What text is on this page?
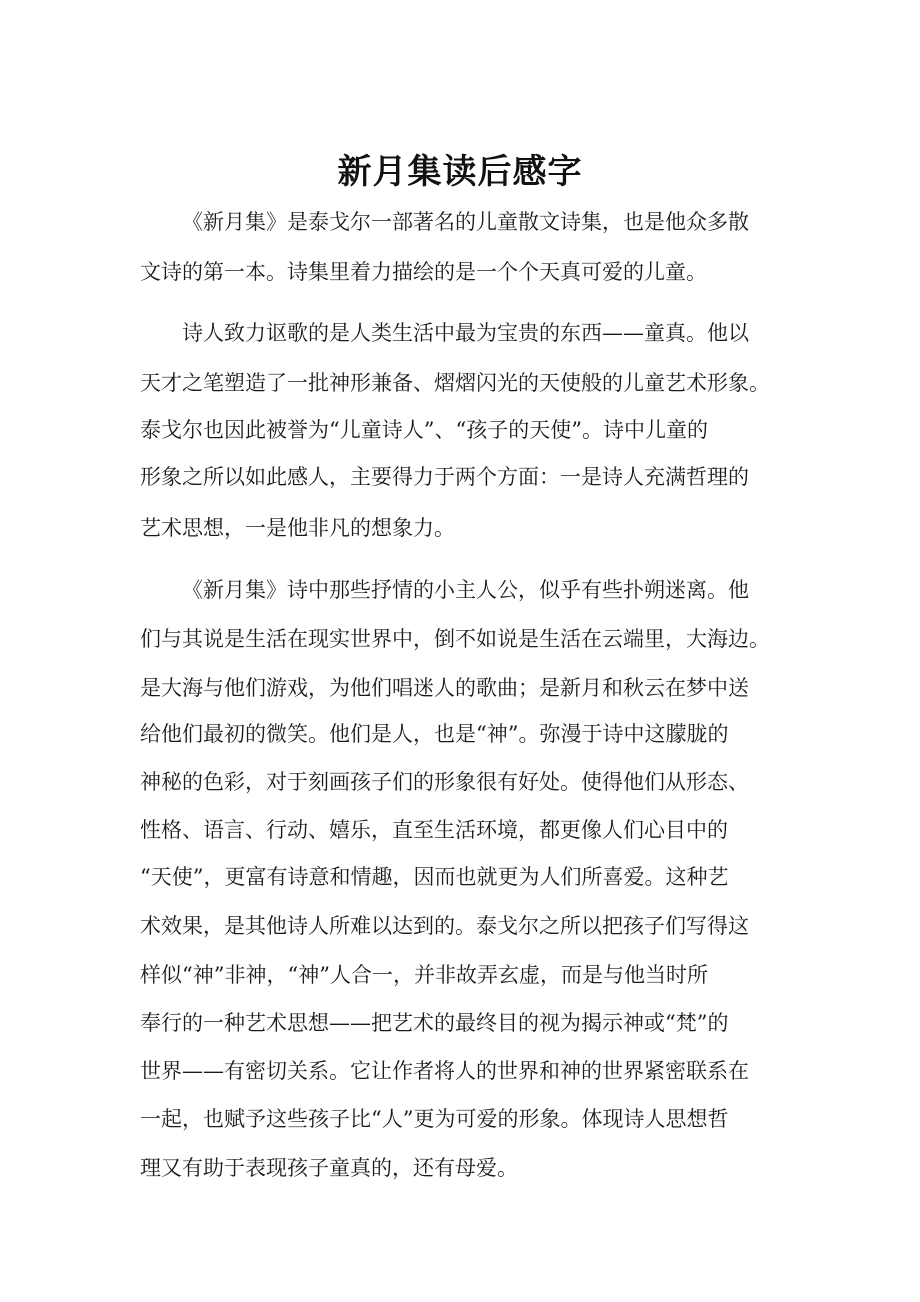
新月集读后感字
《新月集》是泰戈尔一部著名的儿童散文诗集，也是他众多散
文诗的第一本。诗集里着力描绘的是一个个天真可爱的儿童。
诗人致力讴歌的是人类生活中最为宝贵的东西——童真。他以
天才之笔塑造了一批神形兼备、熠熠闪光的天使般的儿童艺术形象。
泰戈尔也因此被誉为“儿童诗人”、“孩子的天使”。诗中儿童的
形象之所以如此感人，主要得力于两个方面：一是诗人充满哲理的
艺术思想，一是他非凡的想象力。
《新月集》诗中那些抒情的小主人公，似乎有些扑朔迷离。他
们与其说是生活在现实世界中，倒不如说是生活在云端里，大海边。
是大海与他们游戏，为他们唱迷人的歌曲；是新月和秋云在梦中送
给他们最初的微笑。他们是人，也是“神”。弥漫于诗中这朦胧的
神秘的色彩，对于刻画孩子们的形象很有好处。使得他们从形态、
性格、语言、行动、嬉乐，直至生活环境，都更像人们心目中的
“天使”，更富有诗意和情趣，因而也就更为人们所喜爱。这种艺
术效果，是其他诗人所难以达到的。泰戈尔之所以把孩子们写得这
样似“神”非神，“神”人合一，并非故弄玄虚，而是与他当时所
奉行的一种艺术思想——把艺术的最终目的视为揭示神或“梵”的
世界——有密切关系。它让作者将人的世界和神的世界紧密联系在
一起，也赋予这些孩子比“人”更为可爱的形象。体现诗人思想哲
理又有助于表现孩子童真的，还有母爱。
